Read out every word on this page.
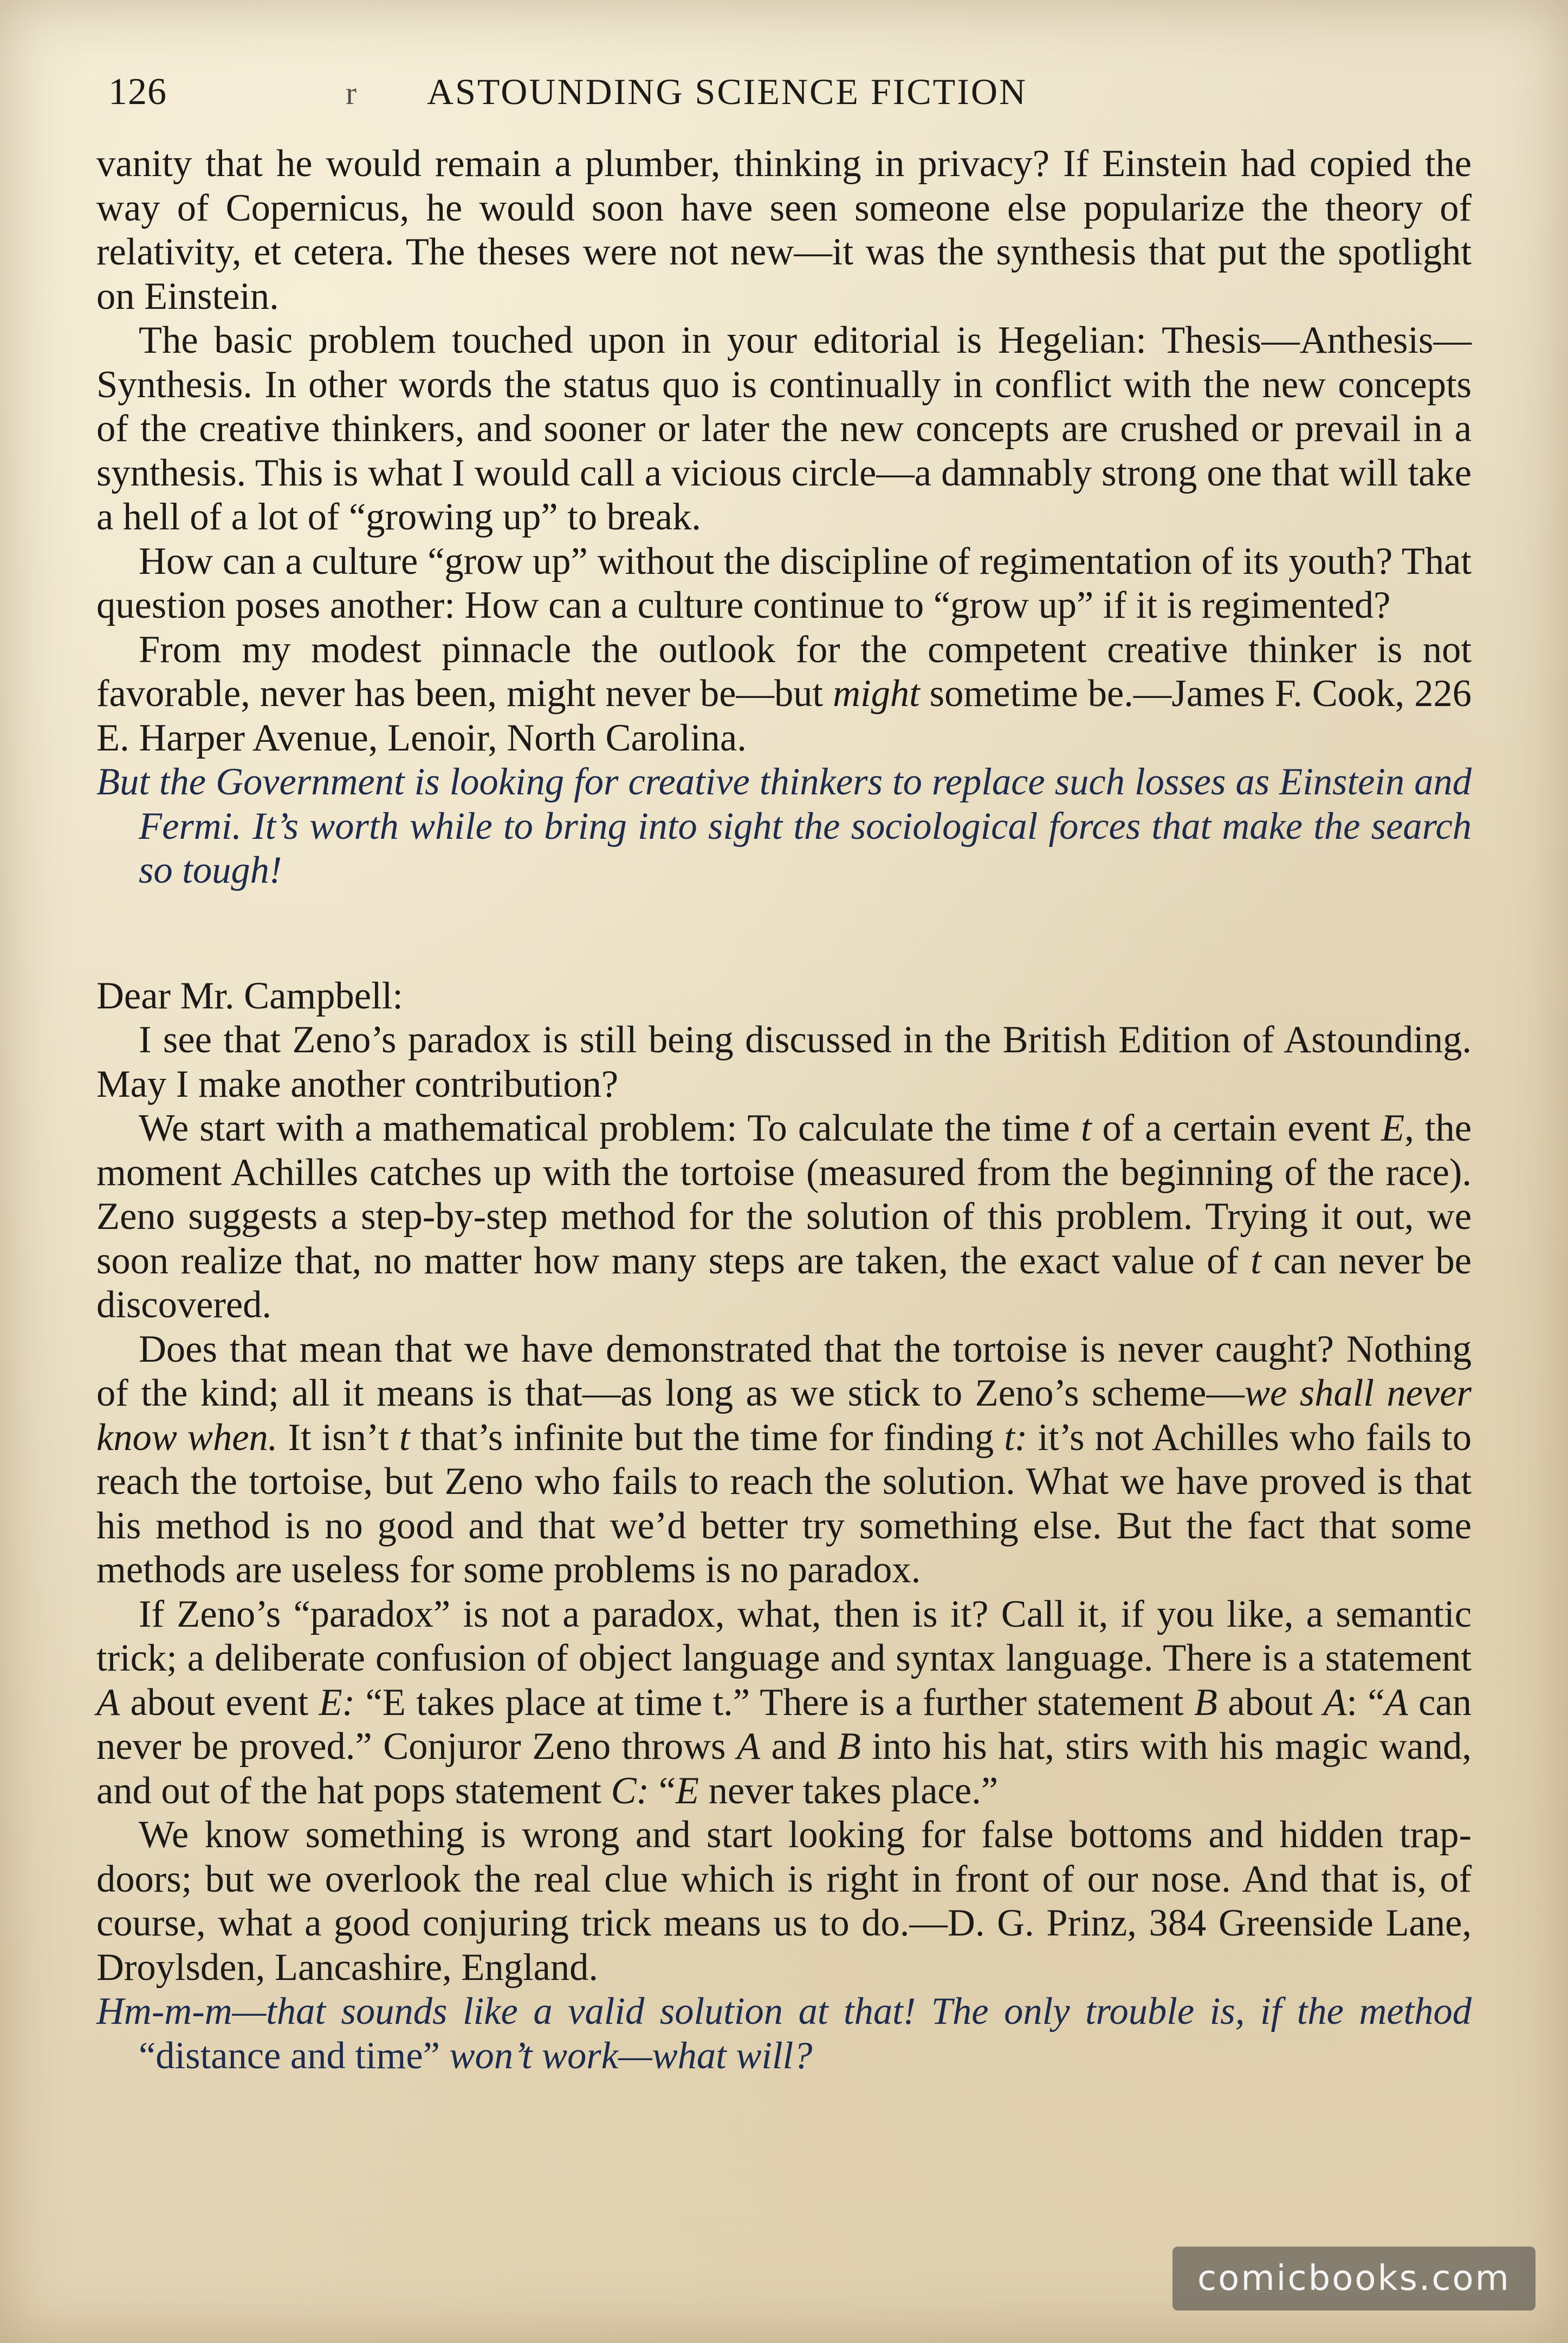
126	r ASTOUNDING SCIENCE FICTION

vanity that he would remain a plumber, thinking in privacy? If Einstein had copied the way of Copernicus, he would soon have seen someone else popularize the theory of relativity, et cetera. The theses were not new—it was the synthesis that put the spotlight on Einstein.

The basic problem touched upon in your editorial is Hegelian: Thesis—Anthesis—Synthesis. In other words the status quo is continually in conflict with the new concepts of the creative thinkers, and sooner or later the new concepts are crushed or prevail in a synthesis. This is what I would call a vicious circle—a damnably strong one that will take a hell of a lot of “growing up” to break.

How can a culture “grow up” without the discipline of regimentation of its youth? That question poses another: How can a culture continue to “grow up” if it is regimented?

From my modest pinnacle the outlook for the competent creative thinker is not favorable, never has been, might never be—but might sometime be.—James F. Cook, 226 E. Harper Avenue, Lenoir, North Carolina.

But the Government is looking for creative thinkers to replace such losses as Einstein and Fermi. It’s worth while to bring into sight the sociological forces that make the search so tough!

Dear Mr. Campbell:

I see that Zeno’s paradox is still being discussed in the British Edition of Astounding. May I make another contribution?

We start with a mathematical problem: To calculate the time t of a certain event E, the moment Achilles catches up with the tortoise (measured from the beginning of the race). Zeno suggests a step-by-step method for the solution of this problem. Trying it out, we soon realize that, no matter how many steps are taken, the exact value of t can never be discovered.

Does that mean that we have demonstrated that the tortoise is never caught? Nothing of the kind; all it means is that—as long as we stick to Zeno’s scheme—we shall never know when. It isn’t t that’s infinite but the time for finding t: it’s not Achilles who fails to reach the tortoise, but Zeno who fails to reach the solution. What we have proved is that his method is no good and that we’d better try something else. But the fact that some methods are useless for some problems is no paradox.

If Zeno’s “paradox” is not a paradox, what, then is it? Call it, if you like, a semantic trick; a deliberate confusion of object language and syntax language. There is a statement A about event E: “E takes place at time t.” There is a further statement B about A: “A can never be proved.” Conjuror Zeno throws A and B into his hat, stirs with his magic wand, and out of the hat pops statement C: “E never takes place.”

We know something is wrong and start looking for false bottoms and hidden trap-doors; but we overlook the real clue which is right in front of our nose. And that is, of course, what a good conjuring trick means us to do.—D. G. Prinz, 384 Greenside Lane, Droylsden, Lancashire, England.

Hm-m-m—that sounds like a valid solution at that! The only trouble is, if the method “distance and time” won’t work—what will?

comicbooks.com
